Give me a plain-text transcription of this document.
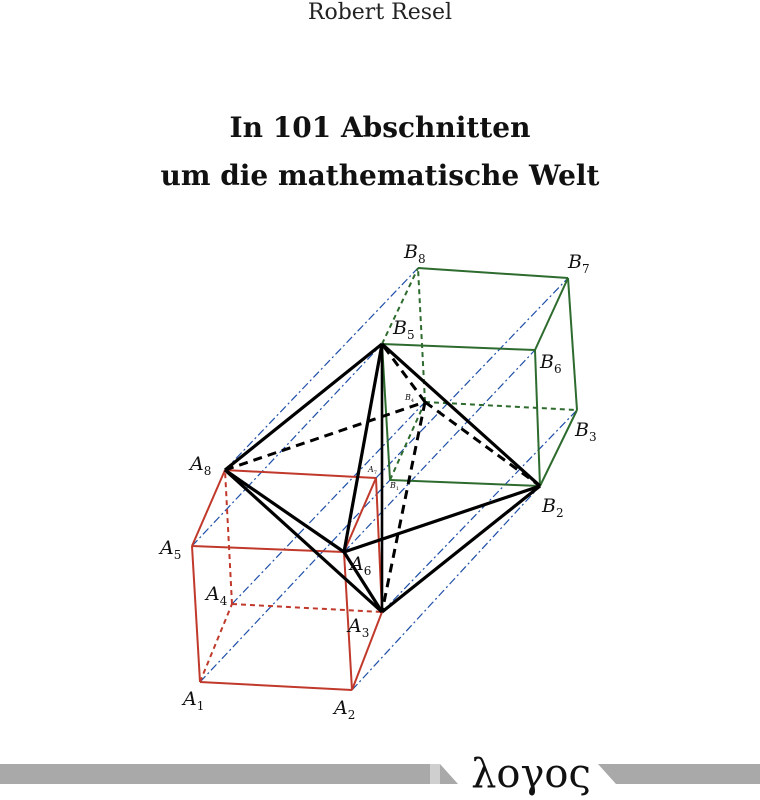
Robert Resel
In 101 Abschnitten
um die mathematische Welt
$A_1$	$A_2$
$A_3$
$A_4$
$A_5$	$A_6$
$A_7$
$A_8$
$B_1$
$B_2$
$B_3$
$B_4$
$B_5$
$B_6$
$B_7$
$B_8$
λογος
